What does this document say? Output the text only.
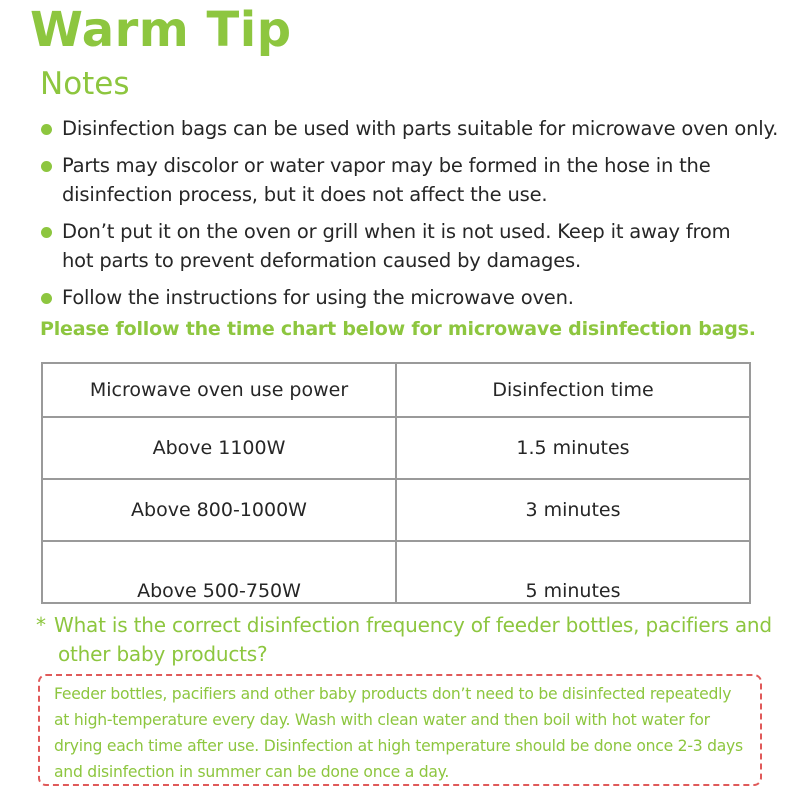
Warm Tip
Notes
Disinfection bags can be used with parts suitable for microwave oven only.
Parts may discolor or water vapor may be formed in the hose in the
disinfection process, but it does not affect the use.
Don’t put it on the oven or grill when it is not used. Keep it away from
hot parts to prevent deformation caused by damages.
Follow the instructions for using the microwave oven.

Please follow the time chart below for microwave disinfection bags.

Microwave oven use power	Disinfection time
Above 1100W	1.5 minutes
Above 800-1000W	3 minutes
Above 500-750W	5 minutes

* What is the correct disinfection frequency of feeder bottles, pacifiers and
other baby products?

Feeder bottles, pacifiers and other baby products don’t need to be disinfected repeatedly

at high-temperature every day. Wash with clean water and then boil with hot water for

drying each time after use. Disinfection at high temperature should be done once 2-3 days

and disinfection in summer can be done once a day.
